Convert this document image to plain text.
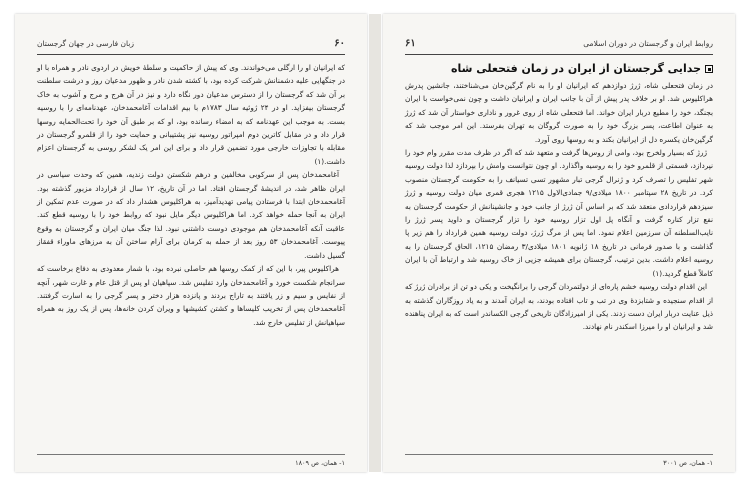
۶۰
زبان فارسی در جهان گرجستان

که ایرانیان او را ارگلی می‌خواندند. وی که پیش از حاکمیت و سلطهٔ خویش در اردوی نادر و همراه با او در جنگهایی علیه دشمنانش شرکت کرده بود، با کشته شدن نادر و ظهور مدعیان روز و درشت سلطنت بر آن شد که گرجستان را از دسترس مدعیان دور نگاه دارد و نیز در آن هرج و مرج و آشوب به خاک گرجستان بیفزاید. او در ۲۴ ژوئیه سال ۱۷۸۳م با بیم اقدامات آغامحمدخان، عهدنامه‌ای را با روسیه بست. به موجب این عهدنامه که به امضاء رسانده بود، او که بر طبق آن خود را تحت‌الحمایه روسها قرار داد و در مقابل کاترین دوم امپراتور روسیه نیز پشتیبانی و حمایت خود را از قلمرو گرجستان در مقابله با تجاوزات خارجی مورد تضمین قرار داد و برای این امر یک لشکر روسی به گرجستان اعزام داشت.(۱)

آغامحمدخان پس از سرکوبی مخالفین و درهم شکستن دولت زندیه، همین که وحدت سیاسی در ایران ظاهر شد، در اندیشهٔ گرجستان افتاد. اما در آن تاریخ، ۱۲ سال از قرارداد مزبور گذشته بود. آغامحمدخان ابتدا با فرستادن پیامی تهدیدآمیز، به هراکلیوس هشدار داد که در صورت عدم تمکین از ایران به آنجا حمله خواهد کرد. اما هراکلیوس دیگر مایل نبود که روابط خود را با روسیه قطع کند. عاقبت آنکه آغامحمدخان هم موجودی دوست داشتنی نبود. لذا جنگ میان ایران و گرجستان به وقوع پیوست. آغامحمدخان ۵۳ روز بعد از حمله به کرمان برای آرام ساختن آن به مرزهای ماوراء قفقاز گسیل داشت.

هراکلیوس پیر، با این که از کمک روسها هم حاصلی نبرده بود، با شمار معدودی به دفاع برخاست که سرانجام شکست خورد و آغامحمدخان وارد تفلیس شد. سپاهیان او پس از قتل عام و غارت شهر، آنچه از نفایس و سیم و زر یافتند به تاراج بردند و پانزده هزار دختر و پسر گرجی را به اسارت گرفتند. آغامحمدخان پس از تخریب کلیساها و کشتن کشیشها و ویران کردن خانه‌ها، پس از یک روز به همراه سپاهیانش از تفلیس خارج شد.

۱- همان، ص ۱۸۰۹
روابط ایران و گرجستان در دوران اسلامی
۶۱
جدایی گرجستان از ایران در زمان فتحعلی شاه

در زمان فتحعلی شاه، ژرژ دوازدهم که ایرانیان او را به نام گرگین‌خان می‌شناختند، جانشین پدرش هراکلیوس شد. او بر خلاف پدر پیش از آن با جانب ایران و ایرانیان داشت و چون نمی‌خواست با ایران بجنگد، خود را مطیع دربار ایران خواند. اما فتحعلی شاه از روی غرور و ناداری خواستار آن شد که ژرژ به عنوان اطاعت، پسر بزرگ خود را به صورت گروگان به تهران بفرستد. این امر موجب شد که گرگین‌خان یکسره دل از ایرانیان بکند و به روسها روی آورد.

ژرژ که بسیار ولخرج بود، وامی از روس‌ها گرفت و متعهد شد که اگر در ظرف مدت مقرر وام خود را نپردازد، قسمتی از قلمرو خود را به روسیه واگذارد. او چون نتوانست وامش را بپردازد لذا دولت روسیه شهر تفلیس را تصرف کرد و ژنرال گرجی تبار مشهور تسی تسیانف را به حکومت گرجستان منصوب کرد. در تاریخ ۲۸ سپتامبر ۱۸۰۰ میلادی/۹ جمادی‌الاول ۱۲۱۵ هجری قمری میان دولت روسیه و ژرژ سیزدهم قراردادی منعقد شد که بر اساس آن ژرژ از جانب خود و جانشینانش از حکومت گرجستان به نفع تزار کناره گرفت و آنگاه پل اول تزار روسیه خود را تزار گرجستان و داوید پسر ژرژ را نایب‌السلطنه آن سرزمین اعلام نمود. اما پس از مرگ ژرژ، دولت روسیه همین قرارداد را هم زیر پا گذاشت و با صدور فرمانی در تاریخ ۱۸ ژانویه ۱۸۰۱ میلادی/۳ رمضان ۱۲۱۵، الحاق گرجستان را به روسیه اعلام داشت. بدین ترتیب، گرجستان برای همیشه جزیی از خاک روسیه شد و ارتباط آن با ایران کاملاً قطع گردید.(۱)

این اقدام دولت روسیه خشم پاره‌ای از دولتمردان گرجی را برانگیخت و یکی دو تن از برادران ژرژ که از اقدام سنجیده و شتابزدهٔ وی در تب و تاب افتاده بودند، به ایران آمدند و به یاد روزگاران گذشته به ذیل عنایت دربار ایران دست زدند. یکی از امیرزادگان تاریخی گرجی الکساندر است که به ایران پناهنده شد و ایرانیان او را میرزا اسکندر نام نهادند.

۱- همان، ص ۳۰۰۱
